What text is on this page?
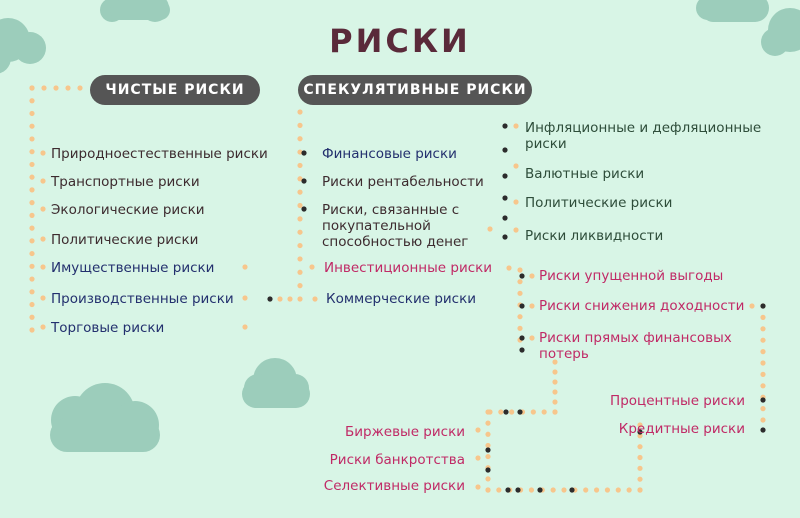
РИСКИ
ЧИСТЫЕ РИСКИ	СПЕКУЛЯТИВНЫЕ РИСКИ
Природноестественные риски
Транспортные риски
Экологические риски
Политические риски
Имущественные риски
Производственные риски
Торговые риски
Финансовые риски
Риски рентабельности
Риски, связанные с покупательной способностью денег
Инвестиционные риски
Коммерческие риски
Инфляционные и дефляционные риски
Валютные риски
Политические риски
Риски ликвидности
Риски упущенной выгоды
Риски снижения доходности
Риски прямых финансовых потерь
Процентные риски
Кредитные риски
Биржевые риски
Риски банкротства
Селективные риски
